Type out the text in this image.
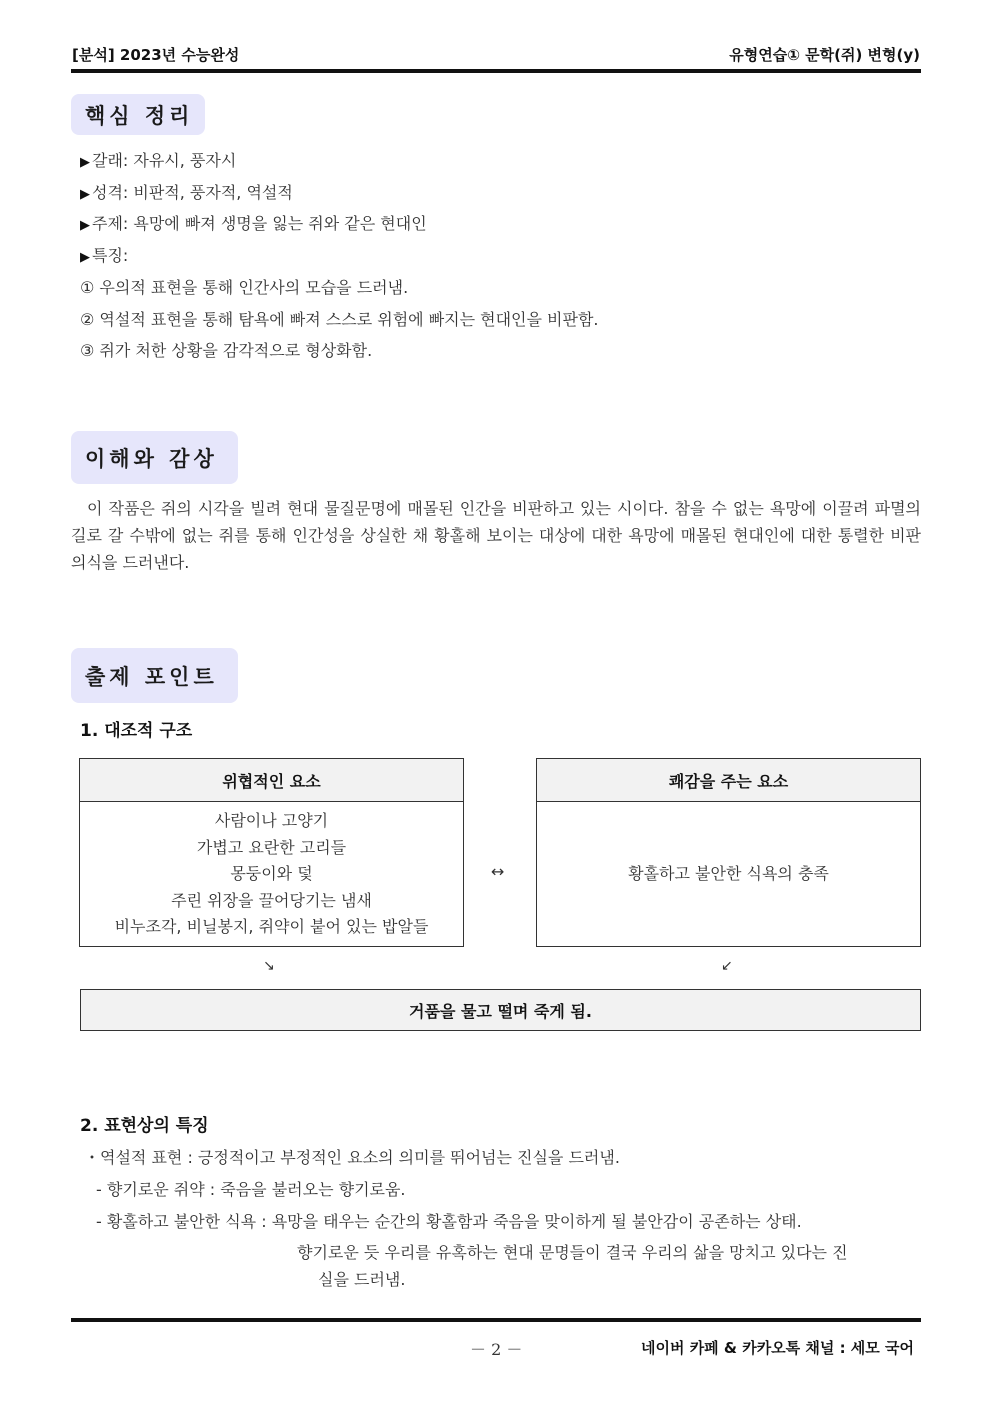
[분석] 2023년 수능완성	유형연습① 문학(쥐) 변형(y)
핵심 정리
▶ 갈래: 자유시, 풍자시
▶ 성격: 비판적, 풍자적, 역설적
▶ 주제: 욕망에 빠져 생명을 잃는 쥐와 같은 현대인
▶ 특징:
① 우의적 표현을 통해 인간사의 모습을 드러냄.
② 역설적 표현을 통해 탐욕에 빠져 스스로 위험에 빠지는 현대인을 비판함.
③ 쥐가 처한 상황을 감각적으로 형상화함.
이해와 감상
이 작품은 쥐의 시각을 빌려 현대 물질문명에 매몰된 인간을 비판하고 있는 시이다. 참을 수 없는 욕망에 이끌려 파멸의 길로 갈 수밖에 없는 쥐를 통해 인간성을 상실한 채 황홀해 보이는 대상에 대한 욕망에 매몰된 현대인에 대한 통렬한 비판 의식을 드러낸다.
출제 포인트
1. 대조적 구조
위협적인 요소
사람이나 고양기
가볍고 요란한 고리들
몽둥이와 덫
주린 위장을 끌어당기는 냄새
비누조각, 비닐봉지, 쥐약이 붙어 있는 밥알들
↔
쾌감을 주는 요소
황홀하고 불안한 식욕의 충족
↘	↙
거품을 물고 떨며 죽게 됨.
2. 표현상의 특징
・역설적 표현 : 긍정적이고 부정적인 요소의 의미를 뛰어넘는 진실을 드러냄.
- 향기로운 쥐약 : 죽음을 불러오는 향기로움.
- 황홀하고 불안한 식욕 : 욕망을 태우는 순간의 황홀함과 죽음을 맞이하게 될 불안감이 공존하는 상태.
향기로운 듯 우리를 유혹하는 현대 문명들이 결국 우리의 삶을 망치고 있다는 진
실을 드러냄.
－ 2 －	네이버 카페 & 카카오톡 채널 : 세모 국어
